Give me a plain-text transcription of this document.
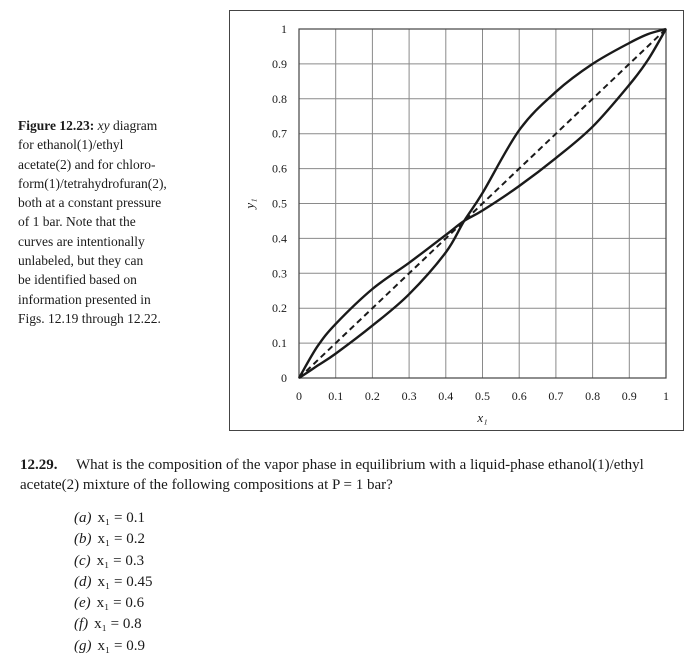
Figure 12.23: xy diagram
for ethanol(1)/ethyl
acetate(2) and for chloro-
form(1)/tetrahydrofuran(2),
both at a constant pressure
of 1 bar. Note that the
curves are intentionally
unlabeled, but they can
be identified based on
information presented in
Figs. 12.19 through 12.22.
0 0.1 0.2 0.3 0.4 0.5 0.6 0.7 0.8 0.9 1
0
0.1
0.2
0.3
0.4
0.5
0.6
0.7
0.8
0.9
1
x₁
y₁
12.29. What is the composition of the vapor phase in equilibrium with a liquid-phase ethanol(1)/ethyl acetate(2) mixture of the following compositions at P = 1 bar?
(a) x₁ = 0.1
(b) x₁ = 0.2
(c) x₁ = 0.3
(d) x₁ = 0.45
(e) x₁ = 0.6
(f) x₁ = 0.8
(g) x₁ = 0.9
